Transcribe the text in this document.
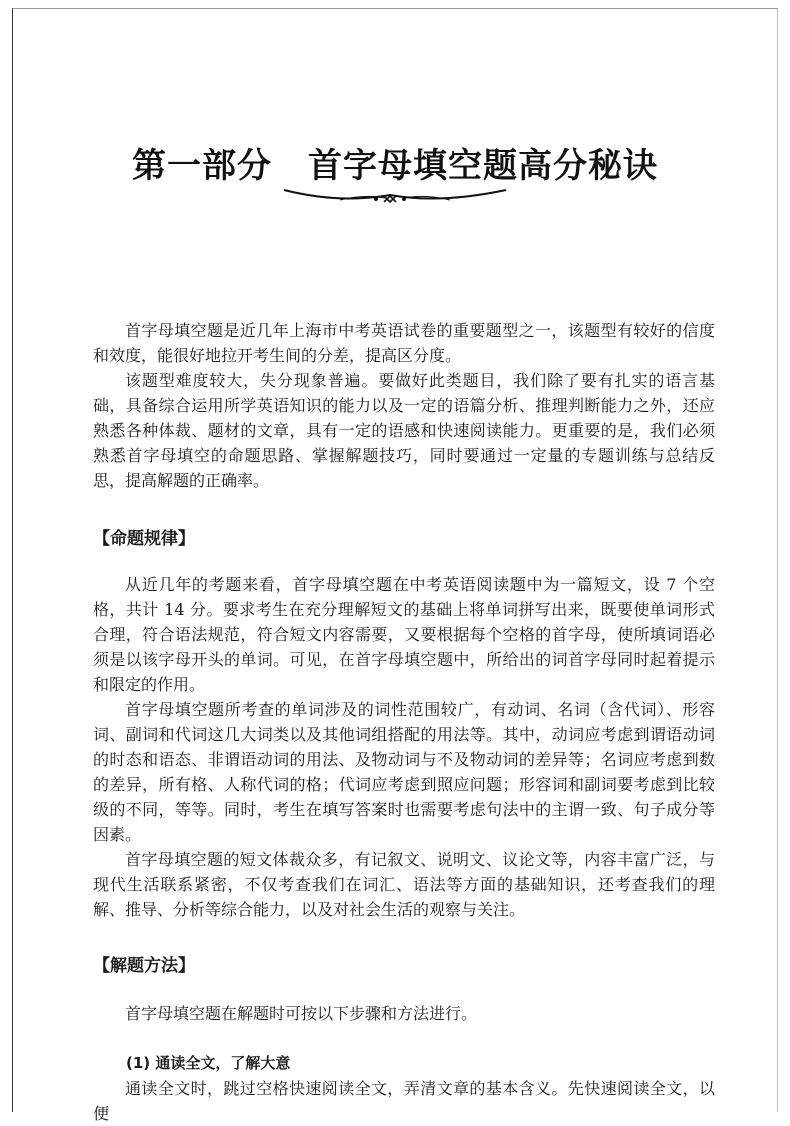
第一部分 首字母填空题高分秘诀

首字母填空题是近几年上海市中考英语试卷的重要题型之一，该题型有较好的信度和效度，能很好地拉开考生间的分差，提高区分度。

该题型难度较大，失分现象普遍。要做好此类题目，我们除了要有扎实的语言基础，具备综合运用所学英语知识的能力以及一定的语篇分析、推理判断能力之外，还应熟悉各种体裁、题材的文章，具有一定的语感和快速阅读能力。更重要的是，我们必须熟悉首字母填空的命题思路、掌握解题技巧，同时要通过一定量的专题训练与总结反思，提高解题的正确率。

【命题规律】

从近几年的考题来看，首字母填空题在中考英语阅读题中为一篇短文，设 7 个空格，共计 14 分。要求考生在充分理解短文的基础上将单词拼写出来，既要使单词形式合理，符合语法规范，符合短文内容需要，又要根据每个空格的首字母，使所填词语必须是以该字母开头的单词。可见，在首字母填空题中，所给出的词首字母同时起着提示和限定的作用。

首字母填空题所考查的单词涉及的词性范围较广，有动词、名词（含代词）、形容词、副词和代词这几大词类以及其他词组搭配的用法等。其中，动词应考虑到谓语动词的时态和语态、非谓语动词的用法、及物动词与不及物动词的差异等；名词应考虑到数的差异，所有格、人称代词的格；代词应考虑到照应问题；形容词和副词要考虑到比较级的不同，等等。同时，考生在填写答案时也需要考虑句法中的主谓一致、句子成分等因素。

首字母填空题的短文体裁众多，有记叙文、说明文、议论文等，内容丰富广泛，与现代生活联系紧密，不仅考查我们在词汇、语法等方面的基础知识，还考查我们的理解、推导、分析等综合能力，以及对社会生活的观察与关注。

【解题方法】

首字母填空题在解题时可按以下步骤和方法进行。

(1) 通读全文，了解大意

通读全文时，跳过空格快速阅读全文，弄清文章的基本含义。先快速阅读全文，以便
